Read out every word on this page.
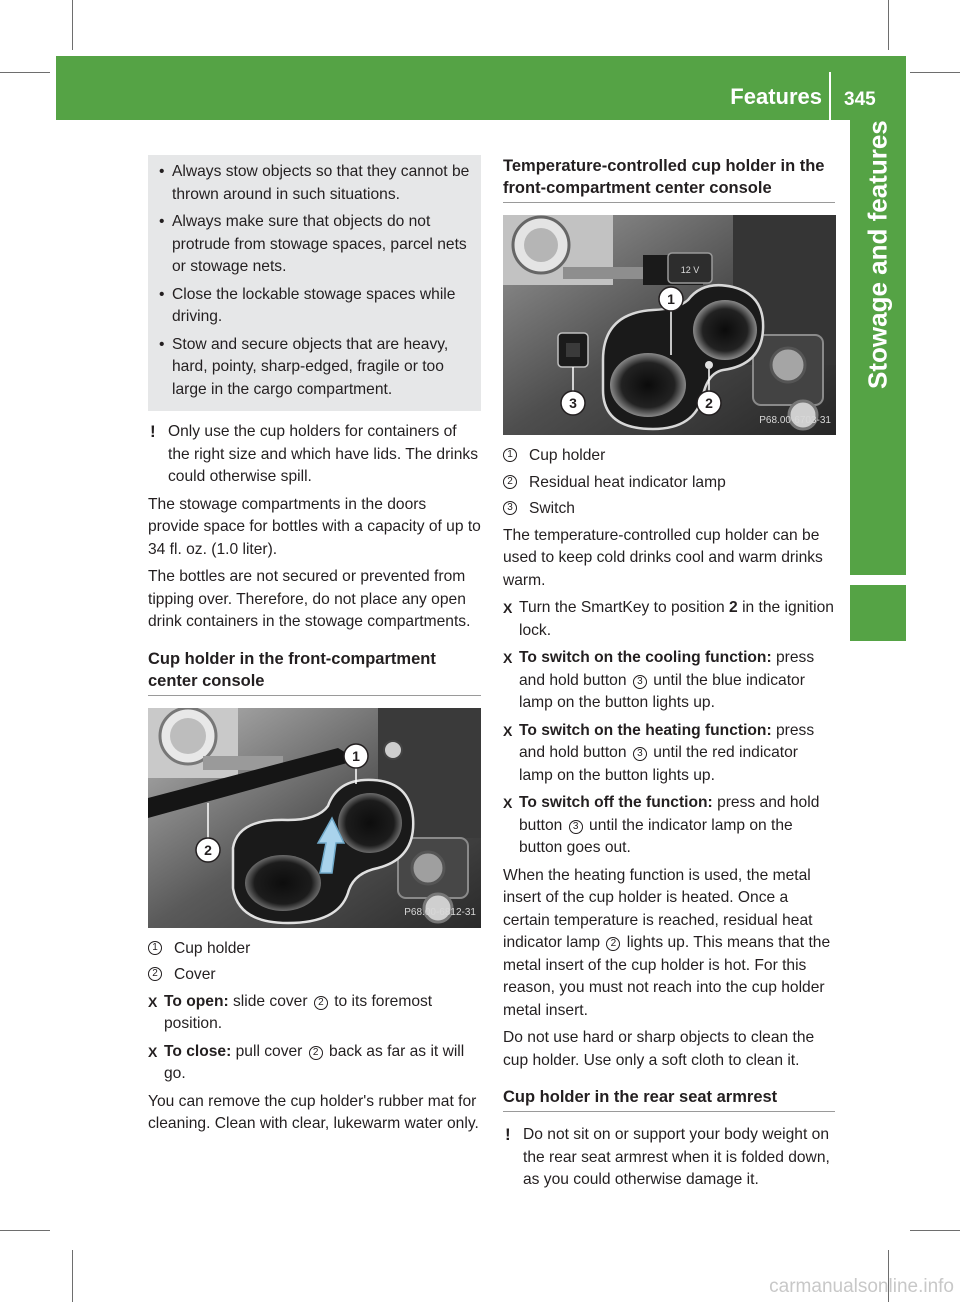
Features 345
Stowage and features
• Always stow objects so that they cannot be thrown around in such situations.
• Always make sure that objects do not protrude from stowage spaces, parcel nets or stowage nets.
• Close the lockable stowage spaces while driving.
• Stow and secure objects that are heavy, hard, pointy, sharp-edged, fragile or too large in the cargo compartment.
! Only use the cup holders for containers of the right size and which have lids. The drinks could otherwise spill.

The stowage compartments in the doors provide space for bottles with a capacity of up to 34 fl. oz. (1.0 liter).

The bottles are not secured or prevented from tipping over. Therefore, do not place any open drink containers in the stowage compartments.

Cup holder in the front-compartment center console
2
1
P68.00-6812-31
1 Cup holder
2 Cover
X To open: slide cover 2 to its foremost position.
X To close: pull cover 2 back as far as it will go.

You can remove the cup holder's rubber mat for cleaning. Clean with clear, lukewarm water only.

Temperature-controlled cup holder in the front-compartment center console
12 V
1
3	2
P68.00-6703-31
1 Cup holder
2 Residual heat indicator lamp
3 Switch

The temperature-controlled cup holder can be used to keep cold drinks cool and warm drinks warm.

X Turn the SmartKey to position 2 in the ignition lock.
X To switch on the cooling function: press and hold button 3 until the blue indicator lamp on the button lights up.
X To switch on the heating function: press and hold button 3 until the red indicator lamp on the button lights up.
X To switch off the function: press and hold button 3 until the indicator lamp on the button goes out.

When the heating function is used, the metal insert of the cup holder is heated. Once a certain temperature is reached, residual heat indicator lamp 2 lights up. This means that the metal insert of the cup holder is hot. For this reason, you must not reach into the cup holder metal insert.

Do not use hard or sharp objects to clean the cup holder. Use only a soft cloth to clean it.

Cup holder in the rear seat armrest
! Do not sit on or support your body weight on the rear seat armrest when it is folded down, as you could otherwise damage it.
carmanualsonline.info
